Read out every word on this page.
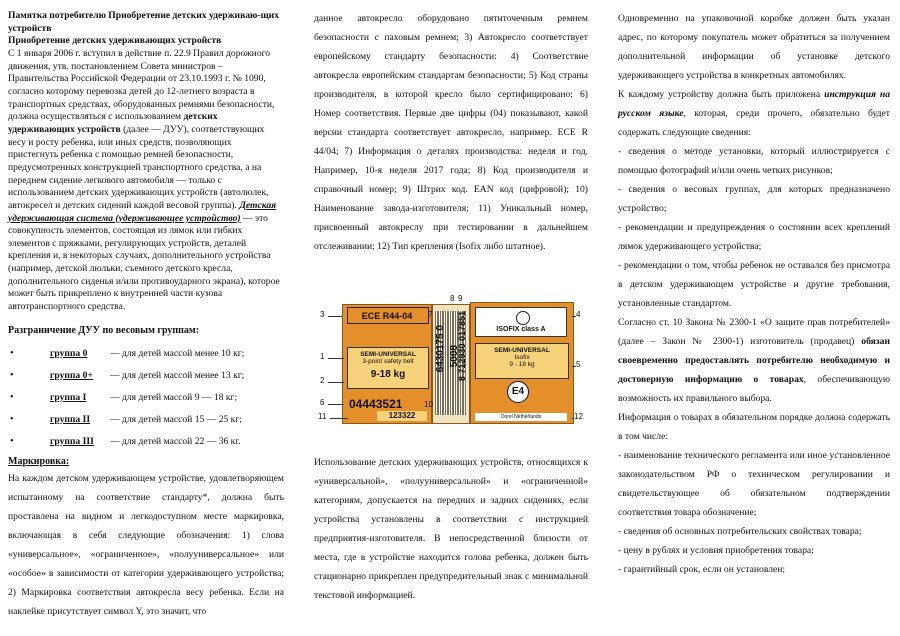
Памятка потребителю Приобретение детских удерживаю-щих устройств

Приобретение детских удерживающих устройств

С 1 января 2006 г. вступил в действие п. 22.9 Правил дорожного движения, утв. постановлением Совета министров – Правительства Российской Федерации от 23.10.1993 г. № 1090, согласно которому перевозка детей до 12-летнего возраста в транспортных средствах, оборудованных ремнями безопасности, должна осуществляться с использованием детских удерживающих устройств (далее — ДУУ), соответствующих весу и росту ребенка, или иных средств, позволяющих пристегнуть ребенка с помощью ремней безопасности, предусмотренных конструкцией транспортного средства, а на переднем сидение легкового автомобиля — только с использованием детских удерживающих устройств (автолюлек, автокресел и детских сидений каждой весовой группы). Детская удерживающая система (удерживающее устройство) — это совокупность элементов, состоящая из лямок или гибких элементов с пряжками, регулирующих устройств, деталей крепления и, в некоторых случаях, дополнительного устройства (например, детской люльки, съемного детского кресла, дополнительного сиденья и/или противоударного экрана), которое может быть прикреплено к внутренней части кузова автотранспортного средства.

Разграничение ДУУ по весовым группам:

•	группа 0	— для детей массой менее 10 кг;
•	группа 0+	— для детей массой менее 13 кг;
•	группа I	— для детей массой 9 — 18 кг;
•	группа II	— для детей массой 15 — 25 кг;
•	группа III	— для детей массой 22 — 36 кг.

Маркировка:

На каждом детском удерживающем устройстве, удовлетворяющем испытанному на соответствие стандарту*, должна быть проставлена на видном и легкодоступном месте маркировка, включающая в себя следующие обозначения: 1) слова «универсальное», «ограниченное», «полууниверсальное» или «особое» в зависимости от категории удерживающего устройства; 2) Маркировка соответствия автокресла весу ребенка. Если на наклейке присутствует символ Y, это значит, что

данное автокресло оборудовано пятиточечным ремнем безопасности с паховым ремнем; 3) Автокресло соответствует европейскому стандарту безопасности: 4) Соответствие автокресла европейским стандартам безопасности; 5) Код страны производителя, в которой кресло было сертифицировано; 6) Номер соответствия. Первые две цифры (04) показывают, какой версии стандарта соответствует автокресло, например. ECE R 44/04; 7) Информация о деталях производства: неделя и год. Например, 10-я неделя 2017 года; 8) Код производителя и справочный номер; 9) Штрих код. EAN код (цифровой); 10) Наименование завода-изготовителя; 11) Уникальный номер, присвоенный автокреслу при тестировании в дальнейшем отслеживании; 12) Тип крепления (Isofix либо штатное).

ECE R44-04
SEMI-UNIVERSAL
3-point safety belt
9-18 kg
04443521
123322
6430175 0 5008
8 712930 017851	ISOFIX class A
SEMI-UNIVERSAL
Isofix
9 - 18 kg
E4
Dorel Netherlands
3
1
2
6
11
7
9
8
10
4
5
12

Использование детских удерживающих устройств, относящихся к «универсальной», «полууниверсальной» и «ограниченной» категориям, допускается на передних и задних сидениях, если устройства установлены в соответствии с инструкцией предприятия-изготовителя. В непосредственной близости от места, где в устройстве находится голова ребенка, должен быть стационарно прикреплен предупредительный знак с минимальной текстовой информацией.

Одновременно на упаковочной коробке должен быть указан адрес, по которому покупатель может обратиться за получением дополнительной информации об установке детского удерживающего устройства в конкретных автомобилях.

К каждому устройству должна быть приложена инструкция на русском языке, которая, среди прочего, обязательно будет содержать следующие сведения:

- сведения о методе установки, который иллюстрируется с помощью фотографий и/или очень четких рисунков;

- сведения о весовых группах, для которых предназначено устройство;

- рекомендации и предупреждения о состоянии всех креплений лямок удерживающего устройства;

- рекомендации о том, чтобы ребенок не оставался без присмотра в детском удерживающем устройстве и другие требования, установленные стандартом.

Согласно ст. 10 Закона № 2300-1 «О защите прав потребителей» (далее – Закон № 2300-1) изготовитель (продавец) обязан своевременно предоставлять потребителю необходимую и достоверную информацию о товарах, обеспечивающую возможность их правильного выбора.

Информация о товарах в обязательном порядке должна содержать в том числе:

- наименование технического регламента или иное установленное законодательством РФ о техническом регулировании и свидетельствующее об обязательном подтверждении соответствия товара обозначение;

- сведения об основных потребительских свойствах товара;

- цену в рублях и условия приобретения товара;

- гарантийный срок, если он установлен;
